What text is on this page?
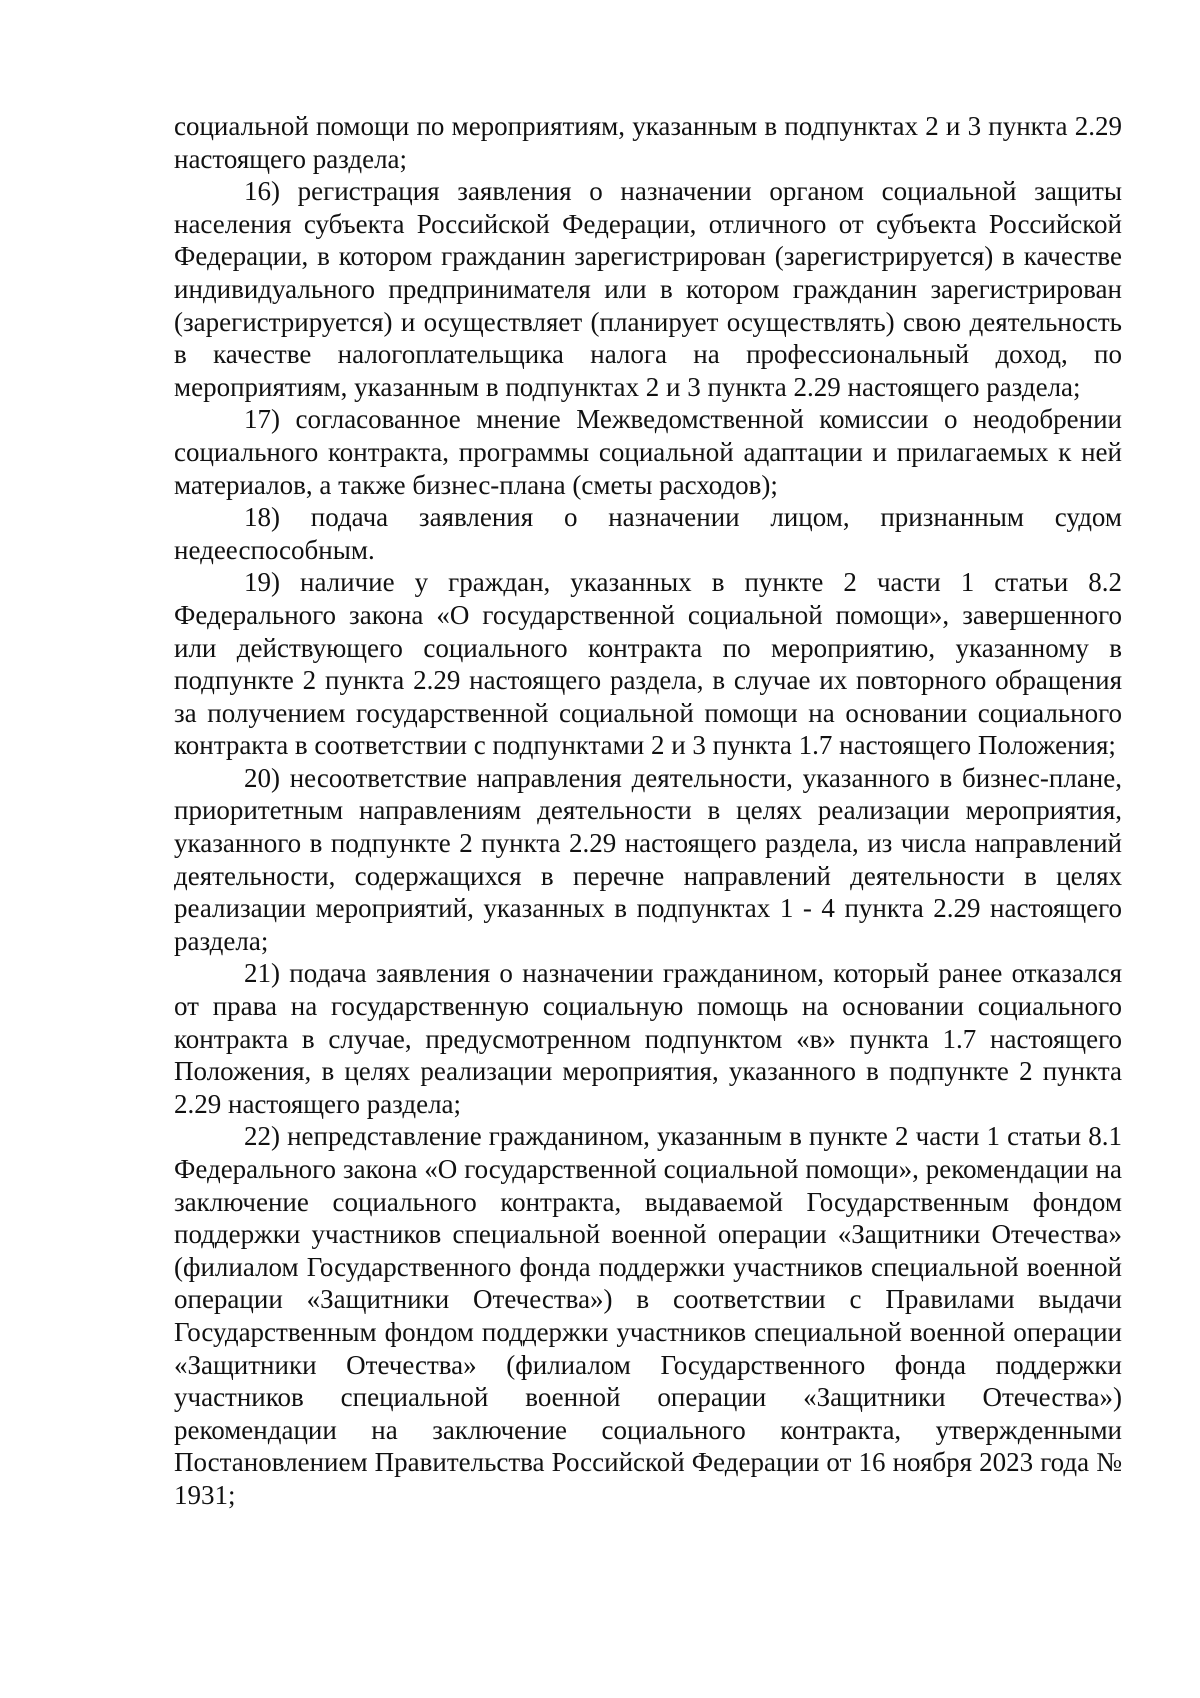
социальной помощи по мероприятиям, указанным в подпунктах 2 и 3 пункта 2.29 настоящего раздела;

16) регистрация заявления о назначении органом социальной защиты населения субъекта Российской Федерации, отличного от субъекта Российской Федерации, в котором гражданин зарегистрирован (зарегистрируется) в качестве индивидуального предпринимателя или в котором гражданин зарегистрирован (зарегистрируется) и осуществляет (планирует осуществлять) свою деятельность в качестве налогоплательщика налога на профессиональный доход, по мероприятиям, указанным в подпунктах 2 и 3 пункта 2.29 настоящего раздела;

17) согласованное мнение Межведомственной комиссии о неодобрении социального контракта, программы социальной адаптации и прилагаемых к ней материалов, а также бизнес-плана (сметы расходов);

18) подача заявления о назначении лицом, признанным судом недееспособным.

19) наличие у граждан, указанных в пункте 2 части 1 статьи 8.2 Федерального закона «О государственной социальной помощи», завершенного или действующего социального контракта по мероприятию, указанному в подпункте 2 пункта 2.29 настоящего раздела, в случае их повторного обращения за получением государственной социальной помощи на основании социального контракта в соответствии с подпунктами 2 и 3 пункта 1.7 настоящего Положения;

20) несоответствие направления деятельности, указанного в бизнес-плане, приоритетным направлениям деятельности в целях реализации мероприятия, указанного в подпункте 2 пункта 2.29 настоящего раздела, из числа направлений деятельности, содержащихся в перечне направлений деятельности в целях реализации мероприятий, указанных в подпунктах 1 - 4 пункта 2.29 настоящего раздела;

21) подача заявления о назначении гражданином, который ранее отказался от права на государственную социальную помощь на основании социального контракта в случае, предусмотренном подпунктом «в» пункта 1.7 настоящего Положения, в целях реализации мероприятия, указанного в подпункте 2 пункта 2.29 настоящего раздела;

22) непредставление гражданином, указанным в пункте 2 части 1 статьи 8.1 Федерального закона «О государственной социальной помощи», рекомендации на заключение социального контракта, выдаваемой Государственным фондом поддержки участников специальной военной операции «Защитники Отечества» (филиалом Государственного фонда поддержки участников специальной военной операции «Защитники Отечества») в соответствии с Правилами выдачи Государственным фондом поддержки участников специальной военной операции «Защитники Отечества» (филиалом Государственного фонда поддержки участников специальной военной операции «Защитники Отечества») рекомендации на заключение социального контракта, утвержденными Постановлением Правительства Российской Федерации от 16 ноября 2023 года № 1931;
